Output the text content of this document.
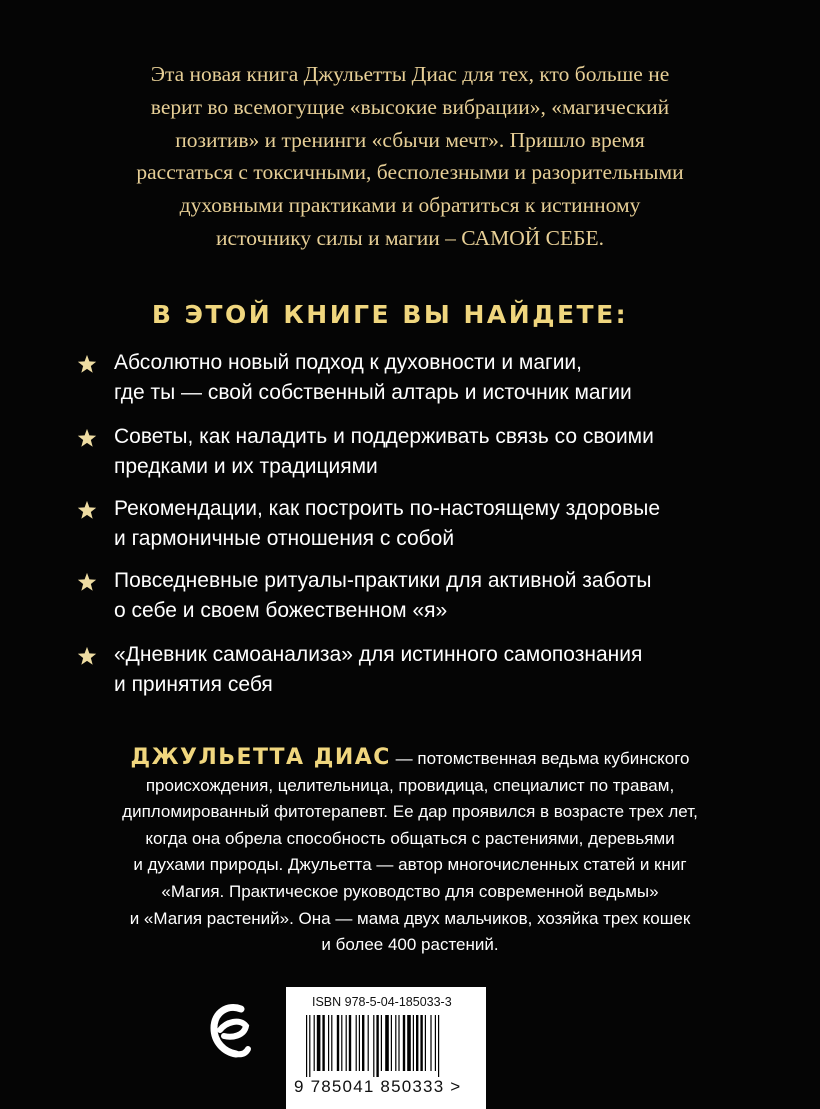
Эта новая книга Джульетты Диас для тех, кто больше не
верит во всемогущие «высокие вибрации», «магический
позитив» и тренинги «сбычи мечт». Пришло время
расстаться с токсичными, бесполезными и разорительными
духовными практиками и обратиться к истинному
источнику силы и магии – САМОЙ СЕБЕ.
В ЭТОЙ КНИГЕ ВЫ НАЙДЕТЕ:
Абсолютно новый подход к духовности и магии,
где ты — свой собственный алтарь и источник магии
Советы, как наладить и поддерживать связь со своими
предками и их традициями
Рекомендации, как построить по-настоящему здоровые
и гармоничные отношения с собой
Повседневные ритуалы-практики для активной заботы
о себе и своем божественном «я»
«Дневник самоанализа» для истинного самопознания
и принятия себя
ДЖУЛЬЕТТА ДИАС — потомственная ведьма кубинского
происхождения, целительница, провидица, специалист по травам,
дипломированный фитотерапевт. Ее дар проявился в возрасте трех лет,
когда она обрела способность общаться с растениями, деревьями
и духами природы. Джульетта — автор многочисленных статей и книг
«Магия. Практическое руководство для современной ведьмы»
и «Магия растений». Она — мама двух мальчиков, хозяйка трех кошек
и более 400 растений.
ISBN 978-5-04-185033-3
9 785041 850333 >
